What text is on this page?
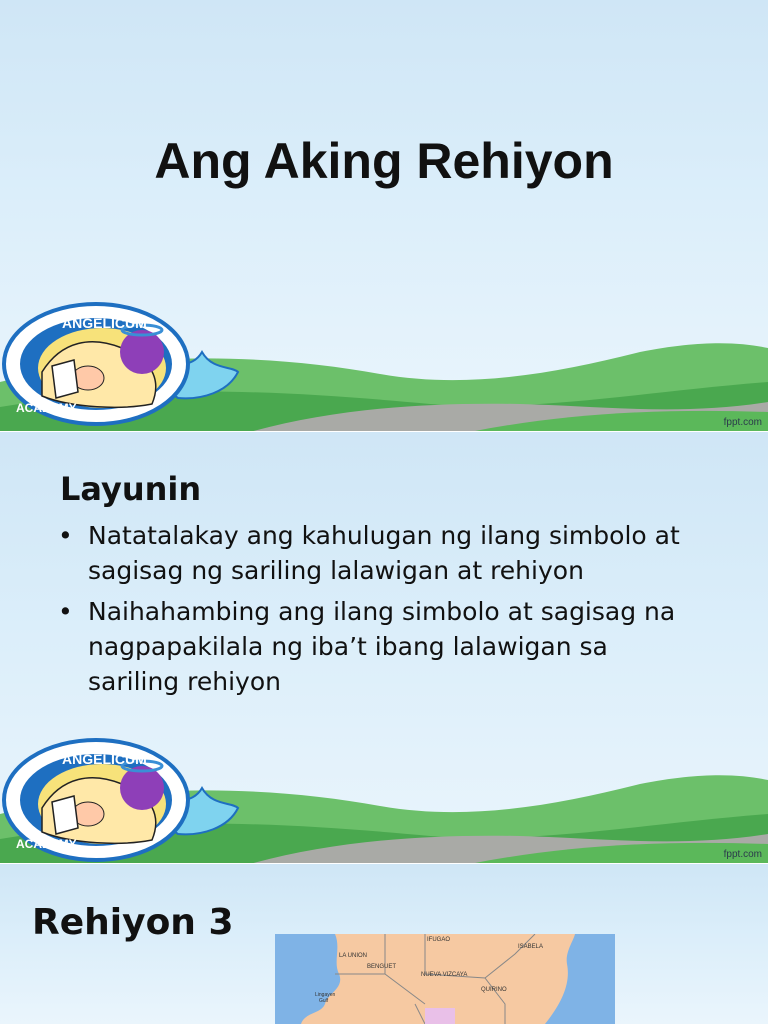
Ang Aking Rehiyon
fppt.com
ANGELICUM
ACADEMY
Layunin
• Natatalakay ang kahulugan ng ilang simbolo at sagisag ng sariling lalawigan at rehiyon
• Naihahambing ang ilang simbolo at sagisag na nagpapakilala ng iba’t ibang lalawigan sa sariling rehiyon
fppt.com
ANGELICUM
ACADEMY
Rehiyon 3
LA UNION
IFUGAO
ISABELA
BENGUET
NUEVA VIZCAYA
QUIRINO
Lingayen
Gulf
